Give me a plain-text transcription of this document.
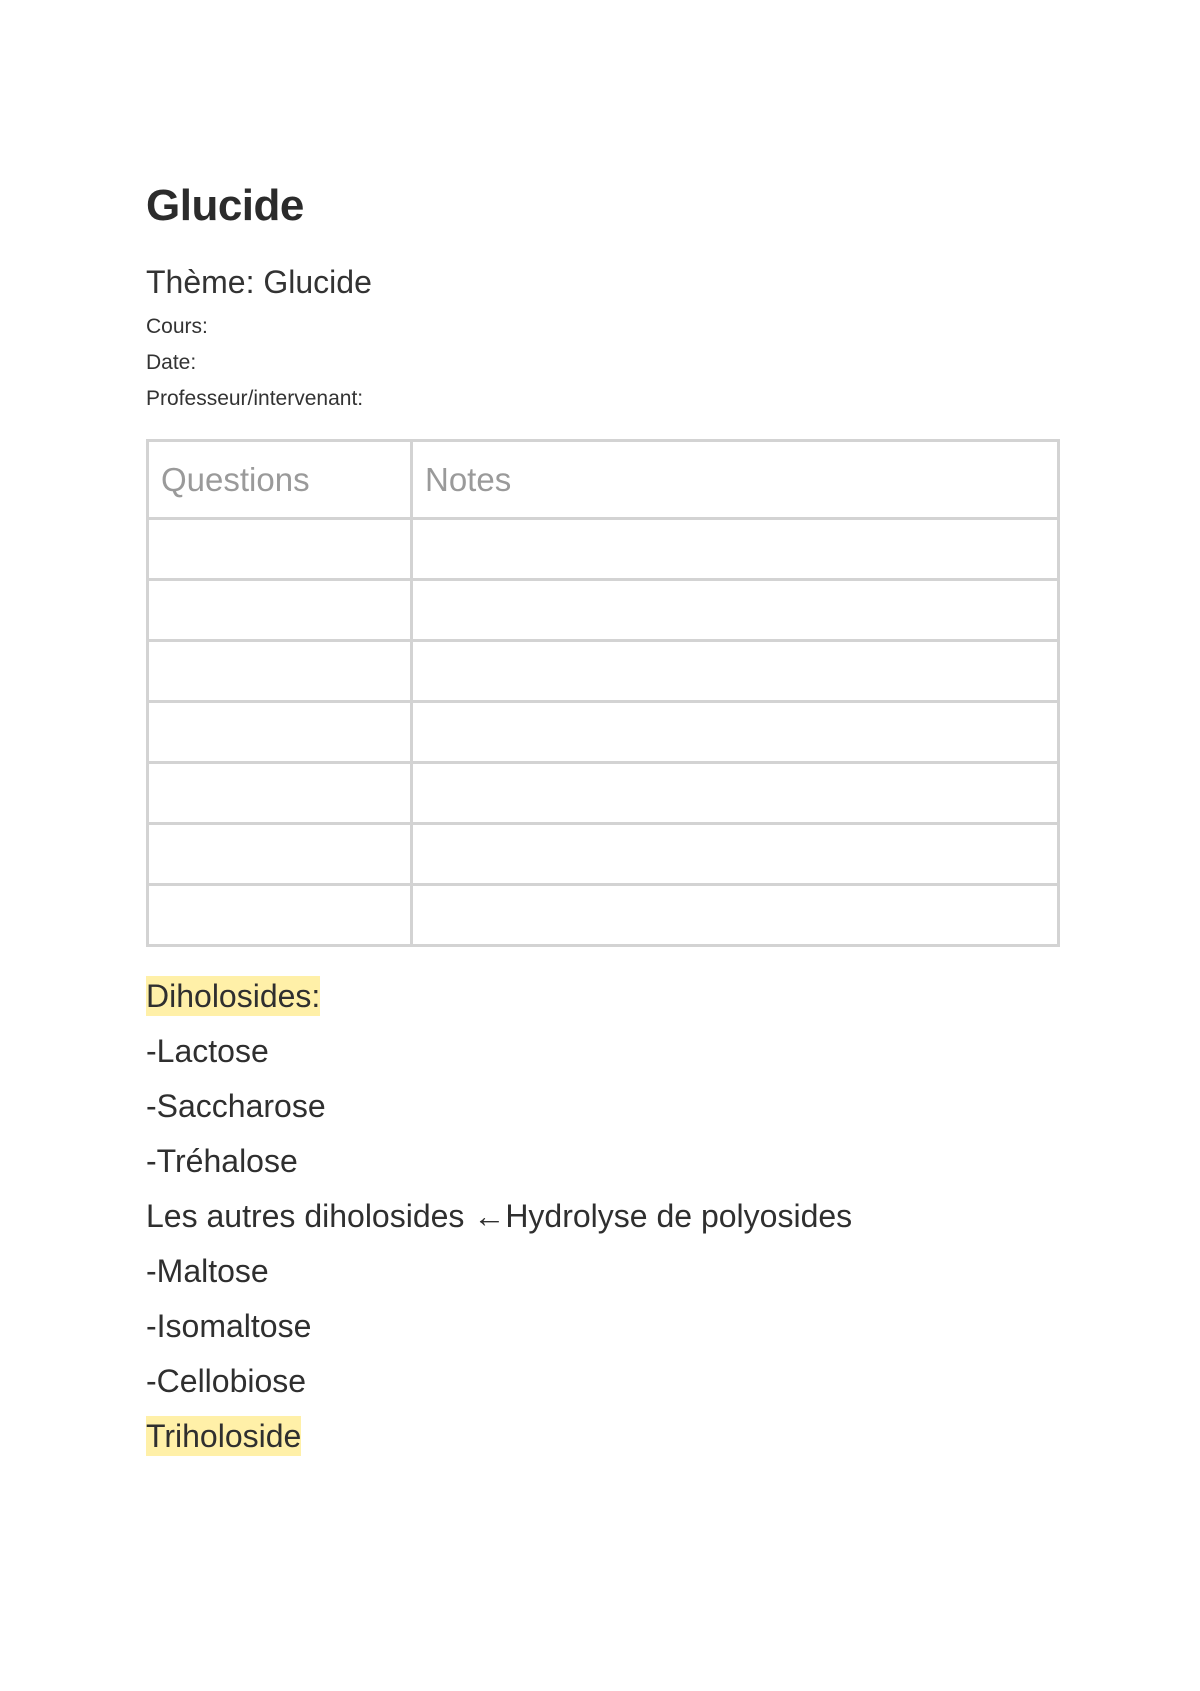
Glucide
Thème: Glucide
Cours:
Date:
Professeur/intervenant:
Questions	Notes

Diholosides:
-Lactose
-Saccharose
-Tréhalose
Les autres diholosides ←Hydrolyse de polyosides
-Maltose
-Isomaltose
-Cellobiose
Triholoside
